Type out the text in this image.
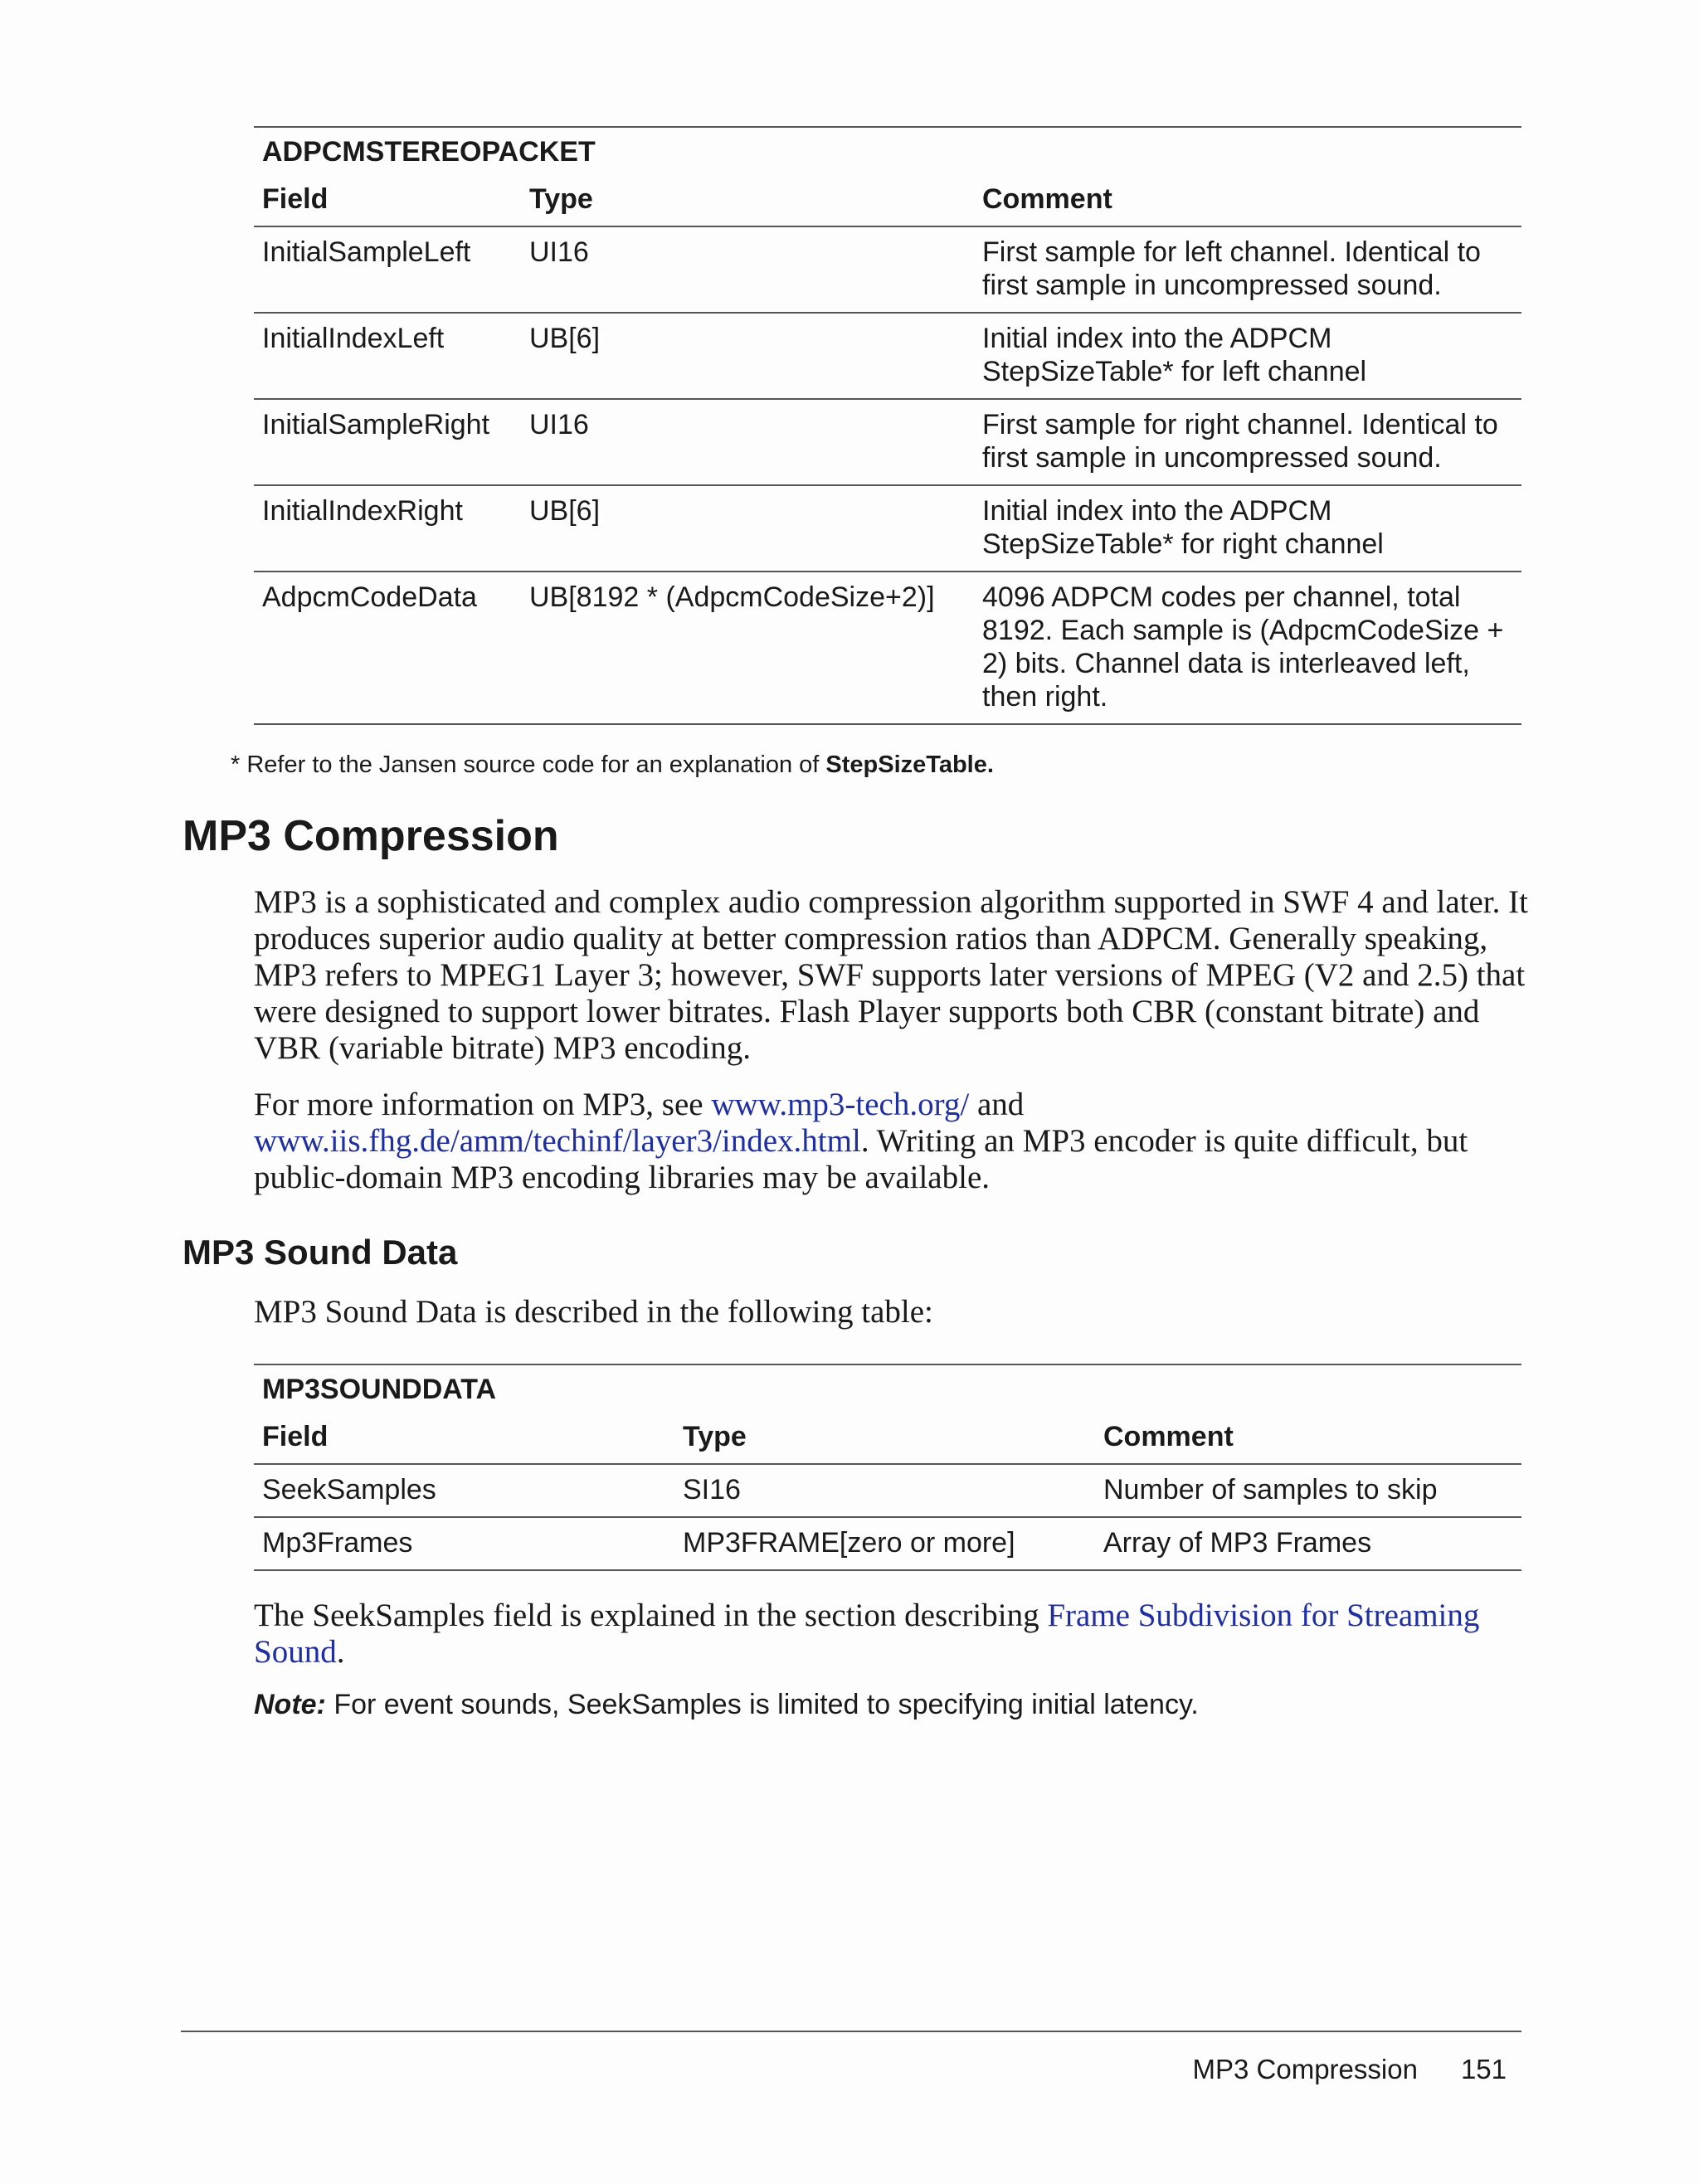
ADPCMSTEREOPACKET
Field	Type	Comment
InitialSampleLeft	UI16	First sample for left channel. Identical to first sample in uncompressed sound.
InitialIndexLeft	UB[6]	Initial index into the ADPCM StepSizeTable* for left channel
InitialSampleRight	UI16	First sample for right channel. Identical to first sample in uncompressed sound.
InitialIndexRight	UB[6]	Initial index into the ADPCM StepSizeTable* for right channel
AdpcmCodeData	UB[8192 * (AdpcmCodeSize+2)]	4096 ADPCM codes per channel, total 8192. Each sample is (AdpcmCodeSize + 2) bits. Channel data is interleaved left, then right.
* Refer to the Jansen source code for an explanation of StepSizeTable.
MP3 Compression

MP3 is a sophisticated and complex audio compression algorithm supported in SWF 4 and later. It produces superior audio quality at better compression ratios than ADPCM. Generally speaking, MP3 refers to MPEG1 Layer 3; however, SWF supports later versions of MPEG (V2 and 2.5) that were designed to support lower bitrates. Flash Player supports both CBR (constant bitrate) and VBR (variable bitrate) MP3 encoding.

For more information on MP3, see www.mp3-tech.org/ and www.iis.fhg.de/amm/techinf/layer3/index.html. Writing an MP3 encoder is quite difficult, but public-domain MP3 encoding libraries may be available.

MP3 Sound Data

MP3 Sound Data is described in the following table:

MP3SOUNDDATA
Field	Type	Comment
SeekSamples	SI16	Number of samples to skip
Mp3Frames	MP3FRAME[zero or more]	Array of MP3 Frames

The SeekSamples field is explained in the section describing Frame Subdivision for Streaming Sound.

Note: For event sounds, SeekSamples is limited to specifying initial latency.
MP3 Compression 151
